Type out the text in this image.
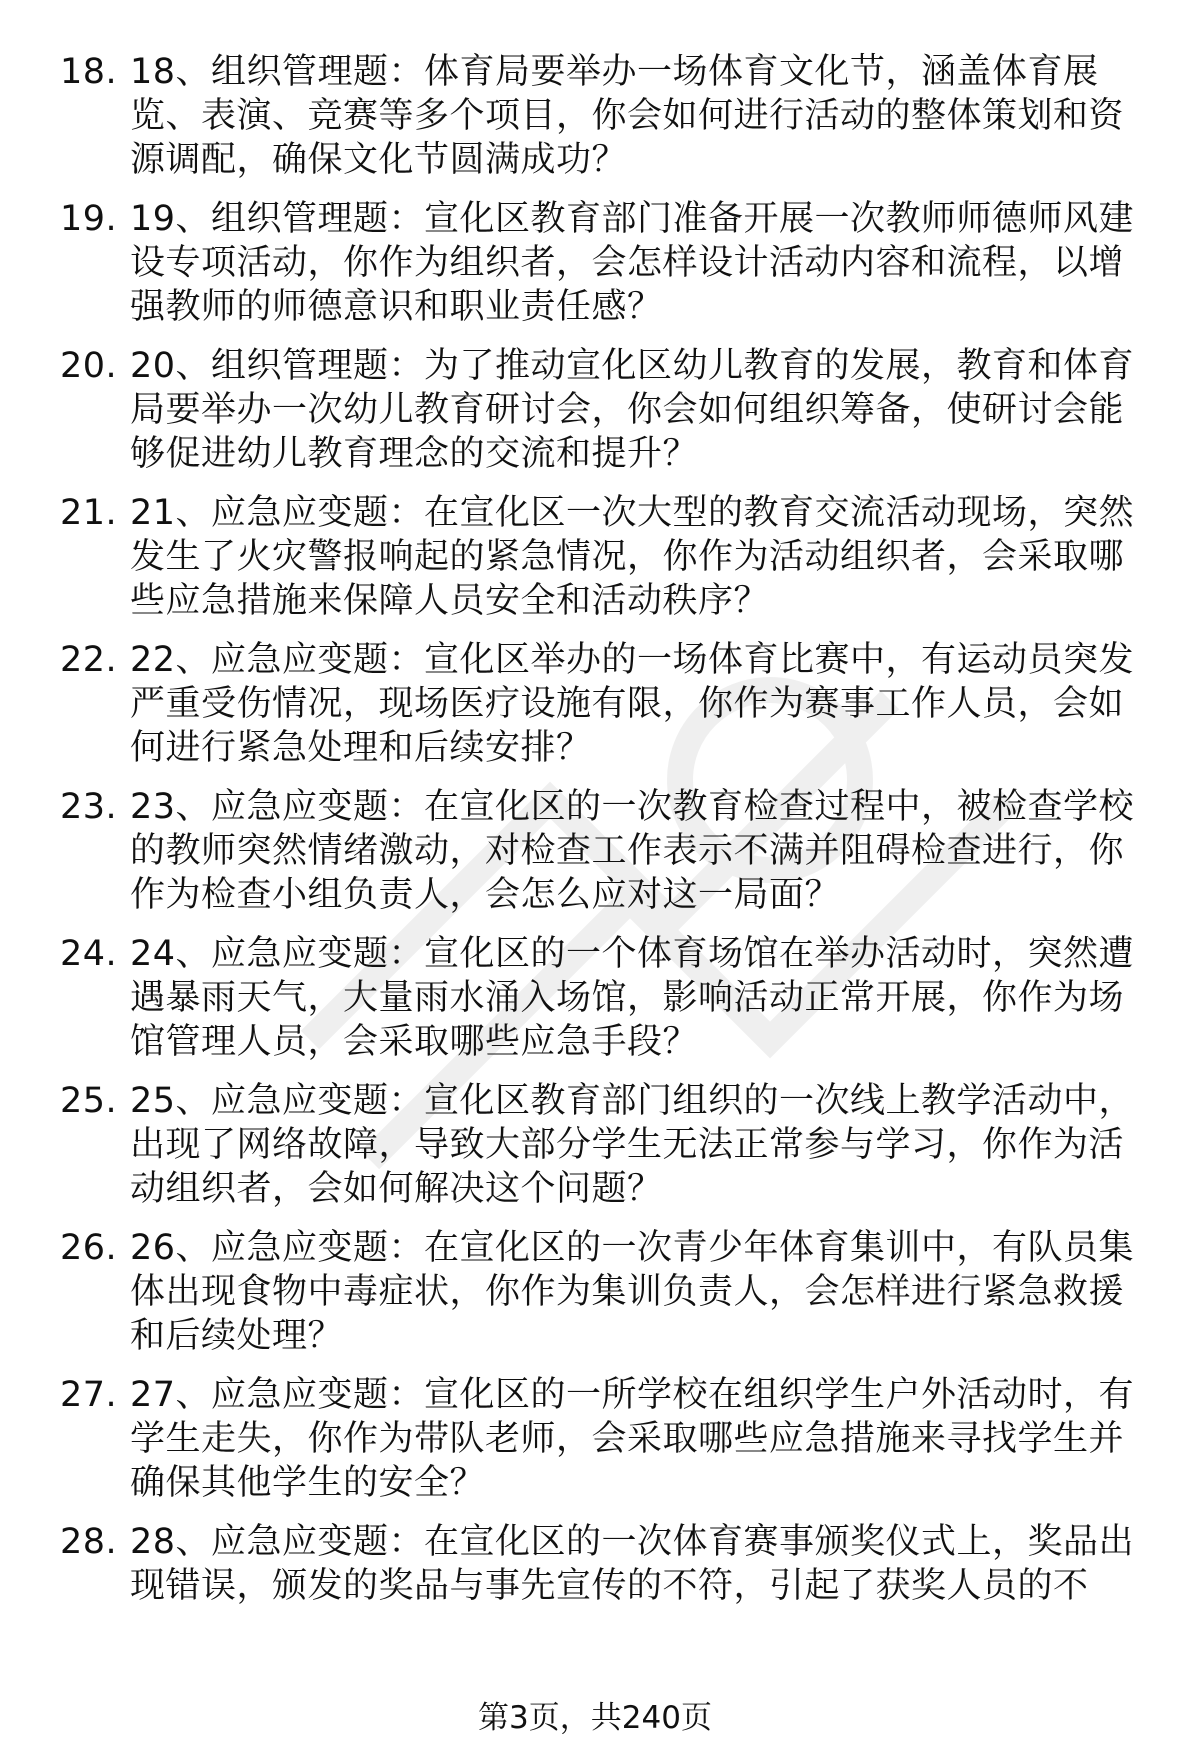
18. 18、组织管理题：体育局要举办一场体育文化节，涵盖体育展览、表演、竞赛等多个项目，你会如何进行活动的整体策划和资源调配，确保文化节圆满成功？
19. 19、组织管理题：宣化区教育部门准备开展一次教师师德师风建设专项活动，你作为组织者，会怎样设计活动内容和流程，以增强教师的师德意识和职业责任感？
20. 20、组织管理题：为了推动宣化区幼儿教育的发展，教育和体育局要举办一次幼儿教育研讨会，你会如何组织筹备，使研讨会能够促进幼儿教育理念的交流和提升？
21. 21、应急应变题：在宣化区一次大型的教育交流活动现场，突然发生了火灾警报响起的紧急情况，你作为活动组织者，会采取哪些应急措施来保障人员安全和活动秩序？
22. 22、应急应变题：宣化区举办的一场体育比赛中，有运动员突发严重受伤情况，现场医疗设施有限，你作为赛事工作人员，会如何进行紧急处理和后续安排？
23. 23、应急应变题：在宣化区的一次教育检查过程中，被检查学校的教师突然情绪激动，对检查工作表示不满并阻碍检查进行，你作为检查小组负责人，会怎么应对这一局面？
24. 24、应急应变题：宣化区的一个体育场馆在举办活动时，突然遭遇暴雨天气，大量雨水涌入场馆，影响活动正常开展，你作为场馆管理人员，会采取哪些应急手段？
25. 25、应急应变题：宣化区教育部门组织的一次线上教学活动中，出现了网络故障，导致大部分学生无法正常参与学习，你作为活动组织者，会如何解决这个问题？
26. 26、应急应变题：在宣化区的一次青少年体育集训中，有队员集体出现食物中毒症状，你作为集训负责人，会怎样进行紧急救援和后续处理？
27. 27、应急应变题：宣化区的一所学校在组织学生户外活动时，有学生走失，你作为带队老师，会采取哪些应急措施来寻找学生并确保其他学生的安全？
28. 28、应急应变题：在宣化区的一次体育赛事颁奖仪式上，奖品出现错误，颁发的奖品与事先宣传的不符，引起了获奖人员的不
第3页，共240页
